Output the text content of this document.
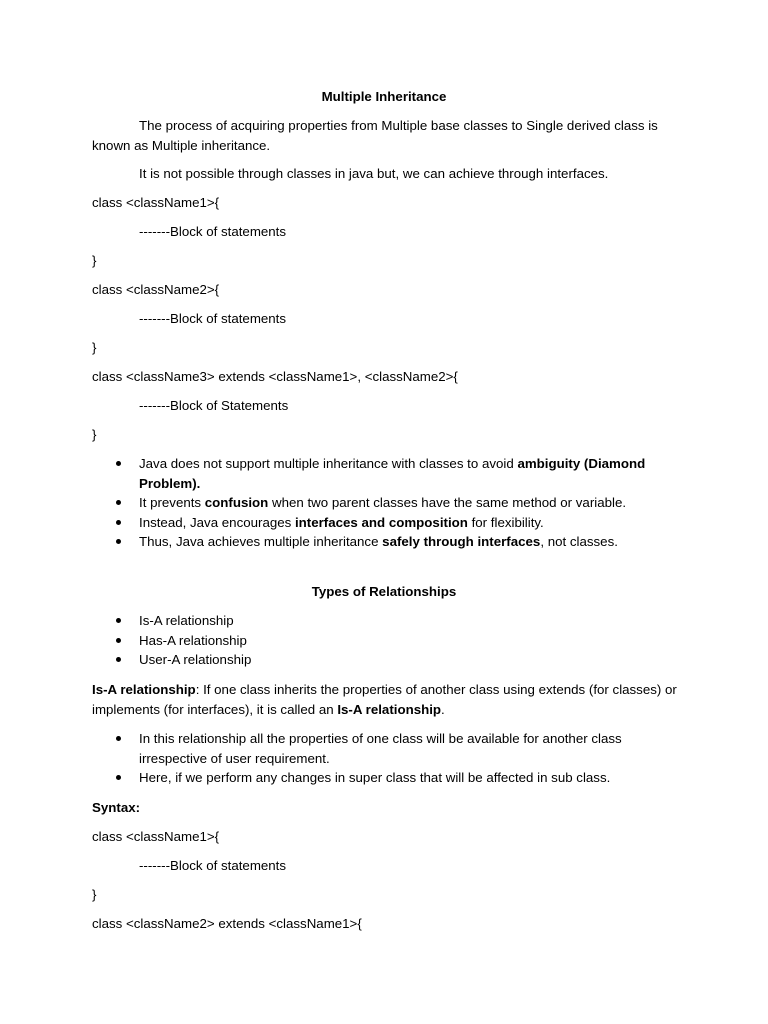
Multiple Inheritance

The process of acquiring properties from Multiple base classes to Single derived class is known as Multiple inheritance.

It is not possible through classes in java but, we can achieve through interfaces.

class <className1>{

-------Block of statements

}

class <className2>{

-------Block of statements

}

class <className3> extends <className1>, <className2>{

-------Block of Statements

}

Java does not support multiple inheritance with classes to avoid ambiguity (Diamond Problem).
It prevents confusion when two parent classes have the same method or variable.
Instead, Java encourages interfaces and composition for flexibility.
Thus, Java achieves multiple inheritance safely through interfaces, not classes.

Types of Relationships

Is-A relationship
Has-A relationship
User-A relationship

Is-A relationship: If one class inherits the properties of another class using extends (for classes) or implements (for interfaces), it is called an Is-A relationship.

In this relationship all the properties of one class will be available for another class irrespective of user requirement.
Here, if we perform any changes in super class that will be affected in sub class.

Syntax:

class <className1>{

-------Block of statements

}

class <className2> extends <className1>{
